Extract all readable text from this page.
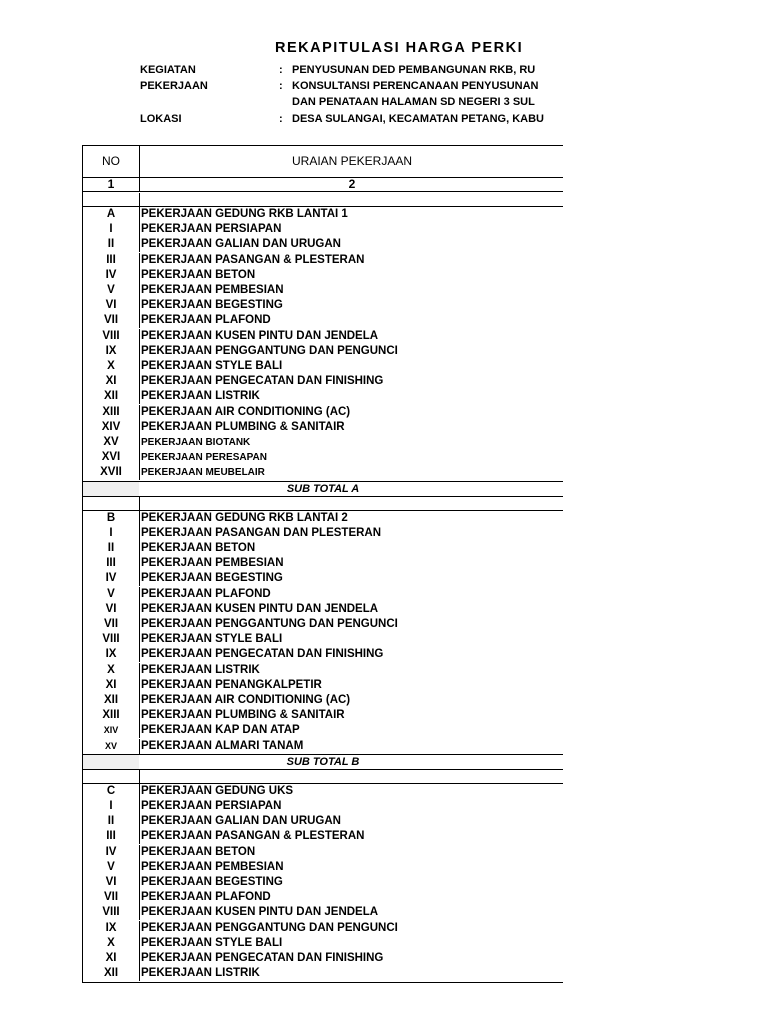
REKAPITULASI HARGA PERKI
KEGIATAN	: PENYUSUNAN DED PEMBANGUNAN RKB, RU
PEKERJAAN	: KONSULTANSI PERENCANAAN PENYUSUNAN
DAN PENATAAN HALAMAN SD NEGERI 3 SUL
LOKASI	: DESA SULANGAI, KECAMATAN PETANG, KABU
NO	URAIAN PEKERJAAN
1	2
A	PEKERJAAN GEDUNG RKB LANTAI 1
I	PEKERJAAN PERSIAPAN
II	PEKERJAAN GALIAN DAN URUGAN
III	PEKERJAAN PASANGAN & PLESTERAN
IV	PEKERJAAN BETON
V	PEKERJAAN PEMBESIAN
VI	PEKERJAAN BEGESTING
VII	PEKERJAAN PLAFOND
VIII	PEKERJAAN KUSEN PINTU DAN JENDELA
IX	PEKERJAAN PENGGANTUNG DAN PENGUNCI
X	PEKERJAAN STYLE BALI
XI	PEKERJAAN PENGECATAN DAN FINISHING
XII	PEKERJAAN LISTRIK
XIII	PEKERJAAN AIR CONDITIONING (AC)
XIV	PEKERJAAN PLUMBING & SANITAIR
XV	PEKERJAAN BIOTANK
XVI	PEKERJAAN PERESAPAN
XVII	PEKERJAAN MEUBELAIR
SUB TOTAL A
B	PEKERJAAN GEDUNG RKB LANTAI 2
I	PEKERJAAN PASANGAN DAN PLESTERAN
II	PEKERJAAN BETON
III	PEKERJAAN PEMBESIAN
IV	PEKERJAAN BEGESTING
V	PEKERJAAN PLAFOND
VI	PEKERJAAN KUSEN PINTU DAN JENDELA
VII	PEKERJAAN PENGGANTUNG DAN PENGUNCI
VIII	PEKERJAAN STYLE BALI
IX	PEKERJAAN PENGECATAN DAN FINISHING
X	PEKERJAAN LISTRIK
XI	PEKERJAAN PENANGKALPETIR
XII	PEKERJAAN AIR CONDITIONING (AC)
XIII	PEKERJAAN PLUMBING & SANITAIR
XIV	PEKERJAAN KAP DAN ATAP
XV	PEKERJAAN ALMARI TANAM
SUB TOTAL B
C	PEKERJAAN GEDUNG UKS
I	PEKERJAAN PERSIAPAN
II	PEKERJAAN GALIAN DAN URUGAN
III	PEKERJAAN PASANGAN & PLESTERAN
IV	PEKERJAAN BETON
V	PEKERJAAN PEMBESIAN
VI	PEKERJAAN BEGESTING
VII	PEKERJAAN PLAFOND
VIII	PEKERJAAN KUSEN PINTU DAN JENDELA
IX	PEKERJAAN PENGGANTUNG DAN PENGUNCI
X	PEKERJAAN STYLE BALI
XI	PEKERJAAN PENGECATAN DAN FINISHING
XII	PEKERJAAN LISTRIK
